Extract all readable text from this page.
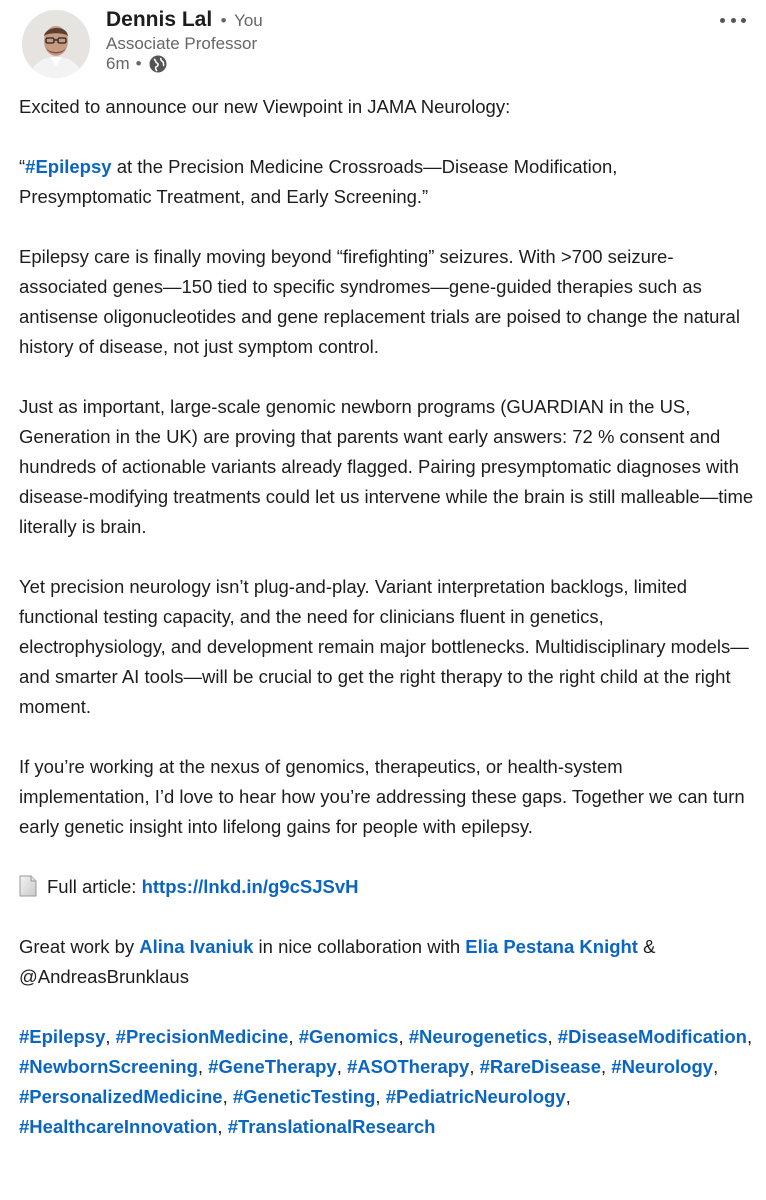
Dennis Lal • You
Associate Professor
6m •

Excited to announce our new Viewpoint in JAMA Neurology:

“#Epilepsy at the Precision Medicine Crossroads—Disease Modification, Presymptomatic Treatment, and Early Screening.”

Epilepsy care is finally moving beyond “firefighting” seizures. With >700 seizure-associated genes—150 tied to specific syndromes—gene-guided therapies such as antisense oligonucleotides and gene replacement trials are poised to change the natural history of disease, not just symptom control.

Just as important, large-scale genomic newborn programs (GUARDIAN in the US, Generation in the UK) are proving that parents want early answers: 72 % consent and hundreds of actionable variants already flagged. Pairing presymptomatic diagnoses with disease-modifying treatments could let us intervene while the brain is still malleable—time literally is brain.

Yet precision neurology isn’t plug-and-play. Variant interpretation backlogs, limited functional testing capacity, and the need for clinicians fluent in genetics, electrophysiology, and development remain major bottlenecks. Multidisciplinary models—and smarter AI tools—will be crucial to get the right therapy to the right child at the right moment.

If you’re working at the nexus of genomics, therapeutics, or health-system implementation, I’d love to hear how you’re addressing these gaps. Together we can turn early genetic insight into lifelong gains for people with epilepsy.

Full article: https://lnkd.in/g9cSJSvH

Great work by Alina Ivaniuk in nice collaboration with Elia Pestana Knight & @AndreasBrunklaus

#Epilepsy, #PrecisionMedicine, #Genomics, #Neurogenetics, #DiseaseModification, #NewbornScreening, #GeneTherapy, #ASOTherapy, #RareDisease, #Neurology, #PersonalizedMedicine, #GeneticTesting, #PediatricNeurology, #HealthcareInnovation, #TranslationalResearch
